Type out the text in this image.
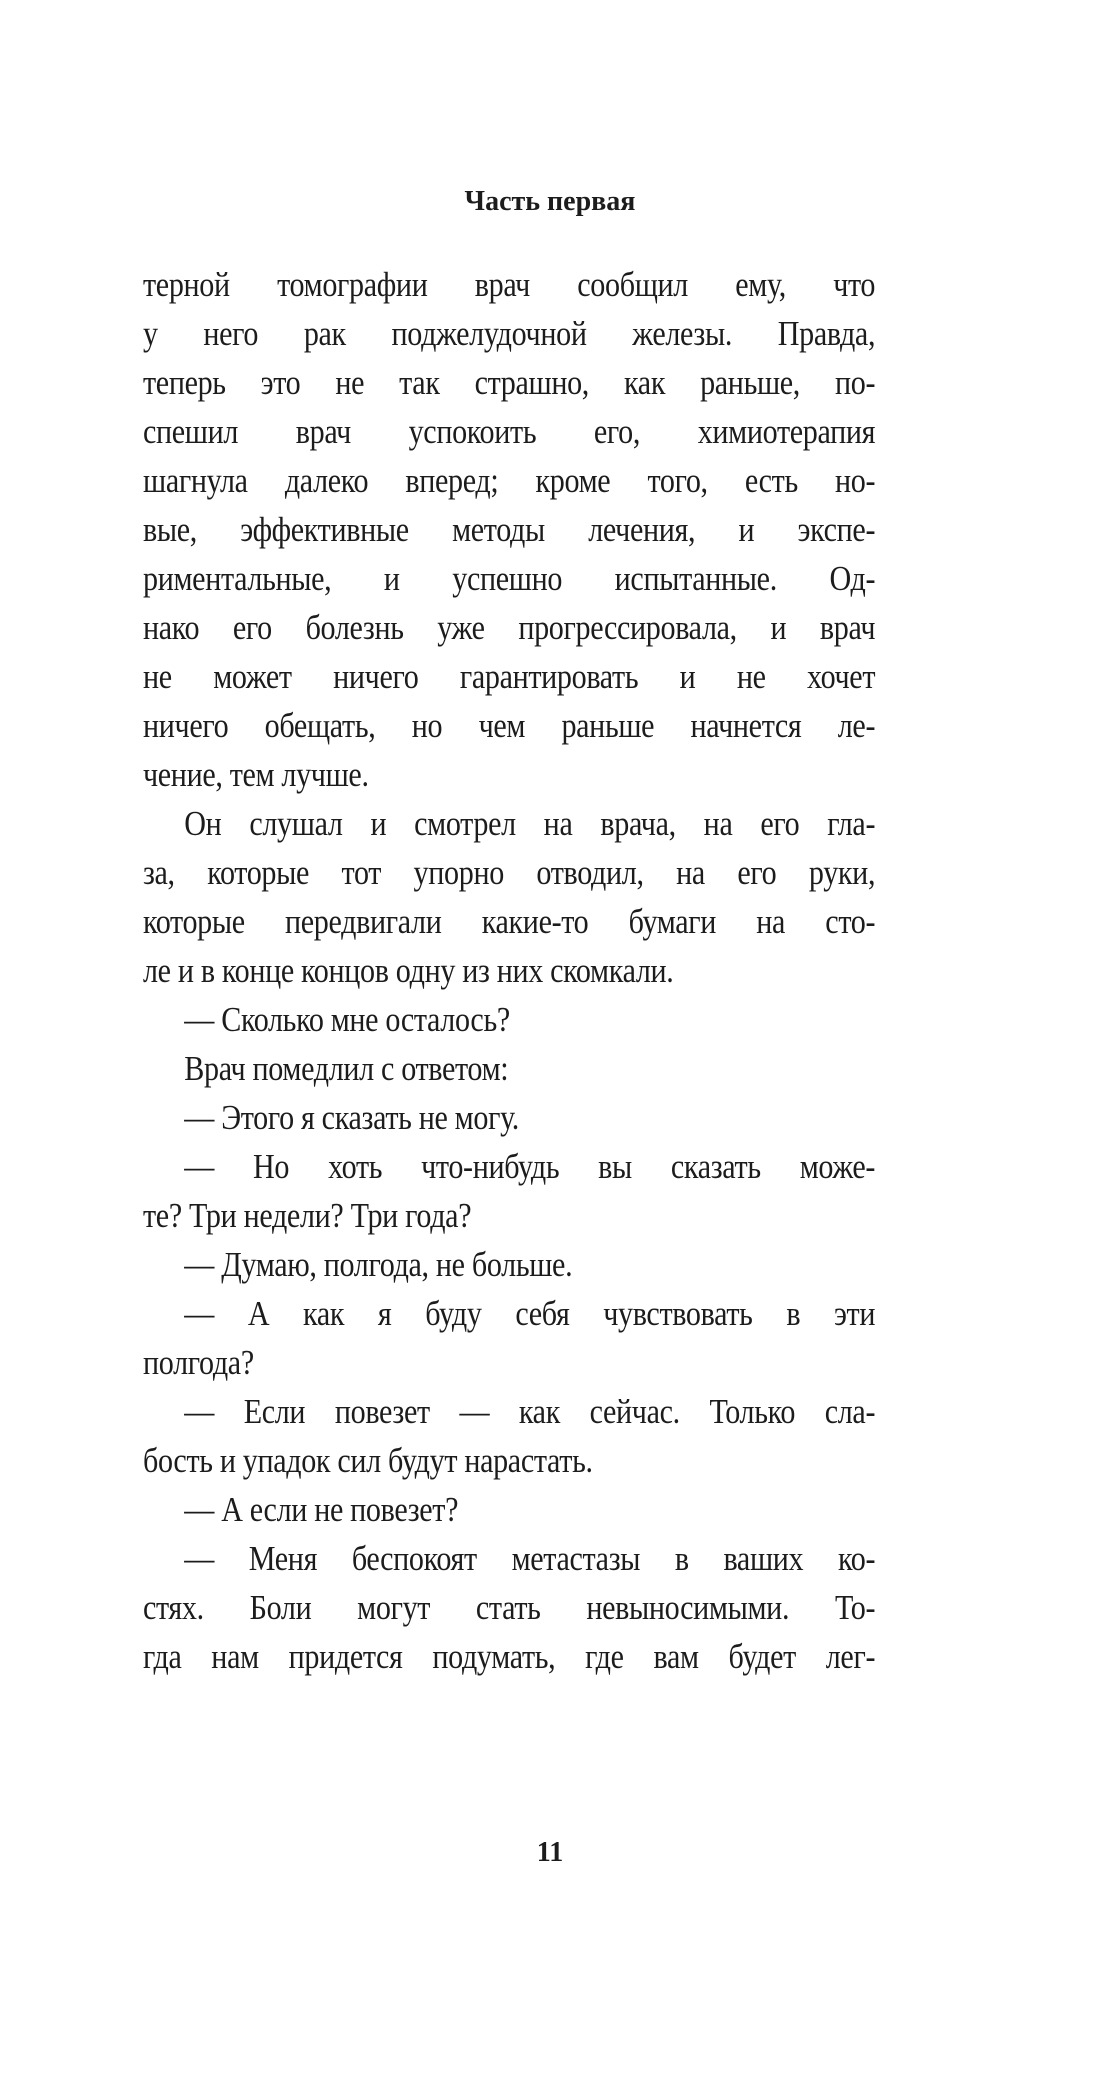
Часть первая
терной томографии врач сообщил ему, что
у него рак поджелудочной железы. Правда,
теперь это не так страшно, как раньше, по-
спешил врач успокоить его, химиотерапия
шагнула далеко вперед; кроме того, есть но-
вые, эффективные методы лечения, и экспе-
риментальные, и успешно испытанные. Од-
нако его болезнь уже прогрессировала, и врач
не может ничего гарантировать и не хочет
ничего обещать, но чем раньше начнется ле-
чение, тем лучше.
Он слушал и смотрел на врача, на его гла-
за, которые тот упорно отводил, на его руки,
которые передвигали какие-то бумаги на сто-
ле и в конце концов одну из них скомкали.
— Сколько мне осталось?
Врач помедлил с ответом:
— Этого я сказать не могу.
— Но хоть что-нибудь вы сказать може-
те? Три недели? Три года?
— Думаю, полгода, не больше.
— А как я буду себя чувствовать в эти
полгода?
— Если повезет — как сейчас. Только сла-
бость и упадок сил будут нарастать.
— А если не повезет?
— Меня беспокоят метастазы в ваших ко-
стях. Боли могут стать невыносимыми. То-
гда нам придется подумать, где вам будет лег-
11
